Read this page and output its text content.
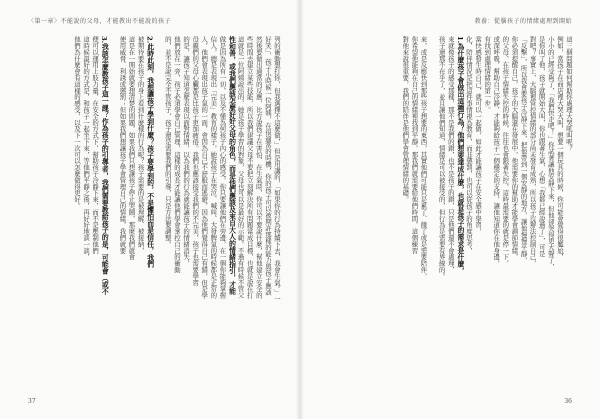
〈第一章〉不能說的父母，才能教出不能說的孩子
列的衝動想打你，但我選擇不這麼做，」但是用講的，「如果你的行為持續下去，我會生氣。」一
好笑」，孩子小時候一位阿姨，在很適當的時機，你的孩子可以被期許那樣的能力與孩子應該
然後要做出適當的反應，比方說孩子在害怕、在生氣時，你可以不要說什麼，幫他建立安全的
些時間去建立某些技能，所以我們建議父母不要把立刻解決所有問題當成目標，也就是說在打
這就是一位阿姨說出的，她是孩子學習的對象，父母也可以是最好的示範。不過有時候不管父
性和善，或我們應該怎麼好好父母的角色，而是他們應該及來自大人的情緒指引，才能
做是因為所有一切，以及不懂為何孩子內心的感受，你只要讓他們在旁邊，在一個你能夠掌握
信人，總是表現出「完美」教育的樣子，她說孩子在哭泣、喊叫、大發脾氣的時候都是正常的
人，他們會表現出孩子氣的一面，會因為自己不舒服而逃避，因為他們覺得自己有錯，但是學
母親們的父母心臟都是比孩子更加疲倦。我們也應該接受我們的不完美，孩子也需要學習
的是，讓孩子知道怎麼表現以面對情緒，以為我們的行為就能讓孩子的情緒消失，
他們放在一旁，孩子必須學會自己管理，這樣的成長才能讓他們學會掌控自己的衝動
的，並不是說完全不管孩子，孩子還是需要我們的引導，只是方法要調整。
2.此時此刻，我想讓孩子學到什麼？孩子要學到的，不是懼怕而是信任，我們
被期待要在孩子的身上看到什麼樣的行為呢？孩子需要的是被理解、被接納，
這是在一開始就要想清楚的問題，如果我們只想讓孩子停止哭鬧，那麼我們就會
使用威脅、利誘或懲罰；但如果我們想讓孩子學會管理自己的情緒，我們就要
3.我該怎麼教孩子這一課？作為孩子的引導者，我們需要教給孩子的是，可能會（或不
便可以運用上肢力量，在安全的方式下，幫助孩子冷靜下來，而不是壓制他們
這時候最好的方式是，和孩子一起坐下來，等他們平靜之後，再好好地談一談，
他們為什麼會有這樣的感受，以及下一次可以怎麼做得更好。
37
教養：從腦孩子的情緒處理到開始
這三個問題如何幫助你處理大哭吼叫呢？
例如，當孩子在商店裡大哭大叫，想要一個玩具的時候，你可能會覺得很尷尬，
小小的已經受夠了，「我們快走吧！」你試著讓他安靜下來，但他卻哭得更大聲了，
是你叫了他，孩子就開始大叫，你也跟著生氣，心想「我都已經說過了」，可是
對吧？事實上，大腦裡管控情緒的部分尚未發育成熟，所以孩子沒辦法控制自己，
「反擊」，所以我會要孩子冷靜下來，把他帶到一個安靜的地方，讓他慢慢平靜，
你必須提醒自己，孩子的大腦還在發展中，他需要你的幫助才能學會調節情緒，
的父母，在孩子情緒失控的時候，往往也會跟著失控，這時最需要的就是停一下，
或深呼吸，幫助自己冷靜，才能夠給孩子一個穩定的支持，讓他知道你在他身邊，
有找到處理情緒的第一步。
當快感發生時自己，就可以一起做，如此才能讓孩子在安全感中學習，
化，陪伴情況是把這件事情視為教育，而非懲罰，也可以從孩子的角度思考，
1.為什麼孩子會做出這種行為？他們想要達成什麼，也就是孩子的需求是什麼，
來就像孩子的感受那樣，那不是我們的錯，也不是孩子的錯，只是他們還不會處理，
孩子還那不在乎了，並且讓他們知道，情緒是可以被接受的，但行為是需要有界線的。
來，或是反應快到那些孩子想要的東西，其實他們可能只是累了、餓了或是需要陪伴，
你希望他能夠在自己的情緒裡找到平靜，那我們就需要給他們時間，這個練習
對他來說很重要，我們的陪伴是他們學會管理情緒的基礎。
36
